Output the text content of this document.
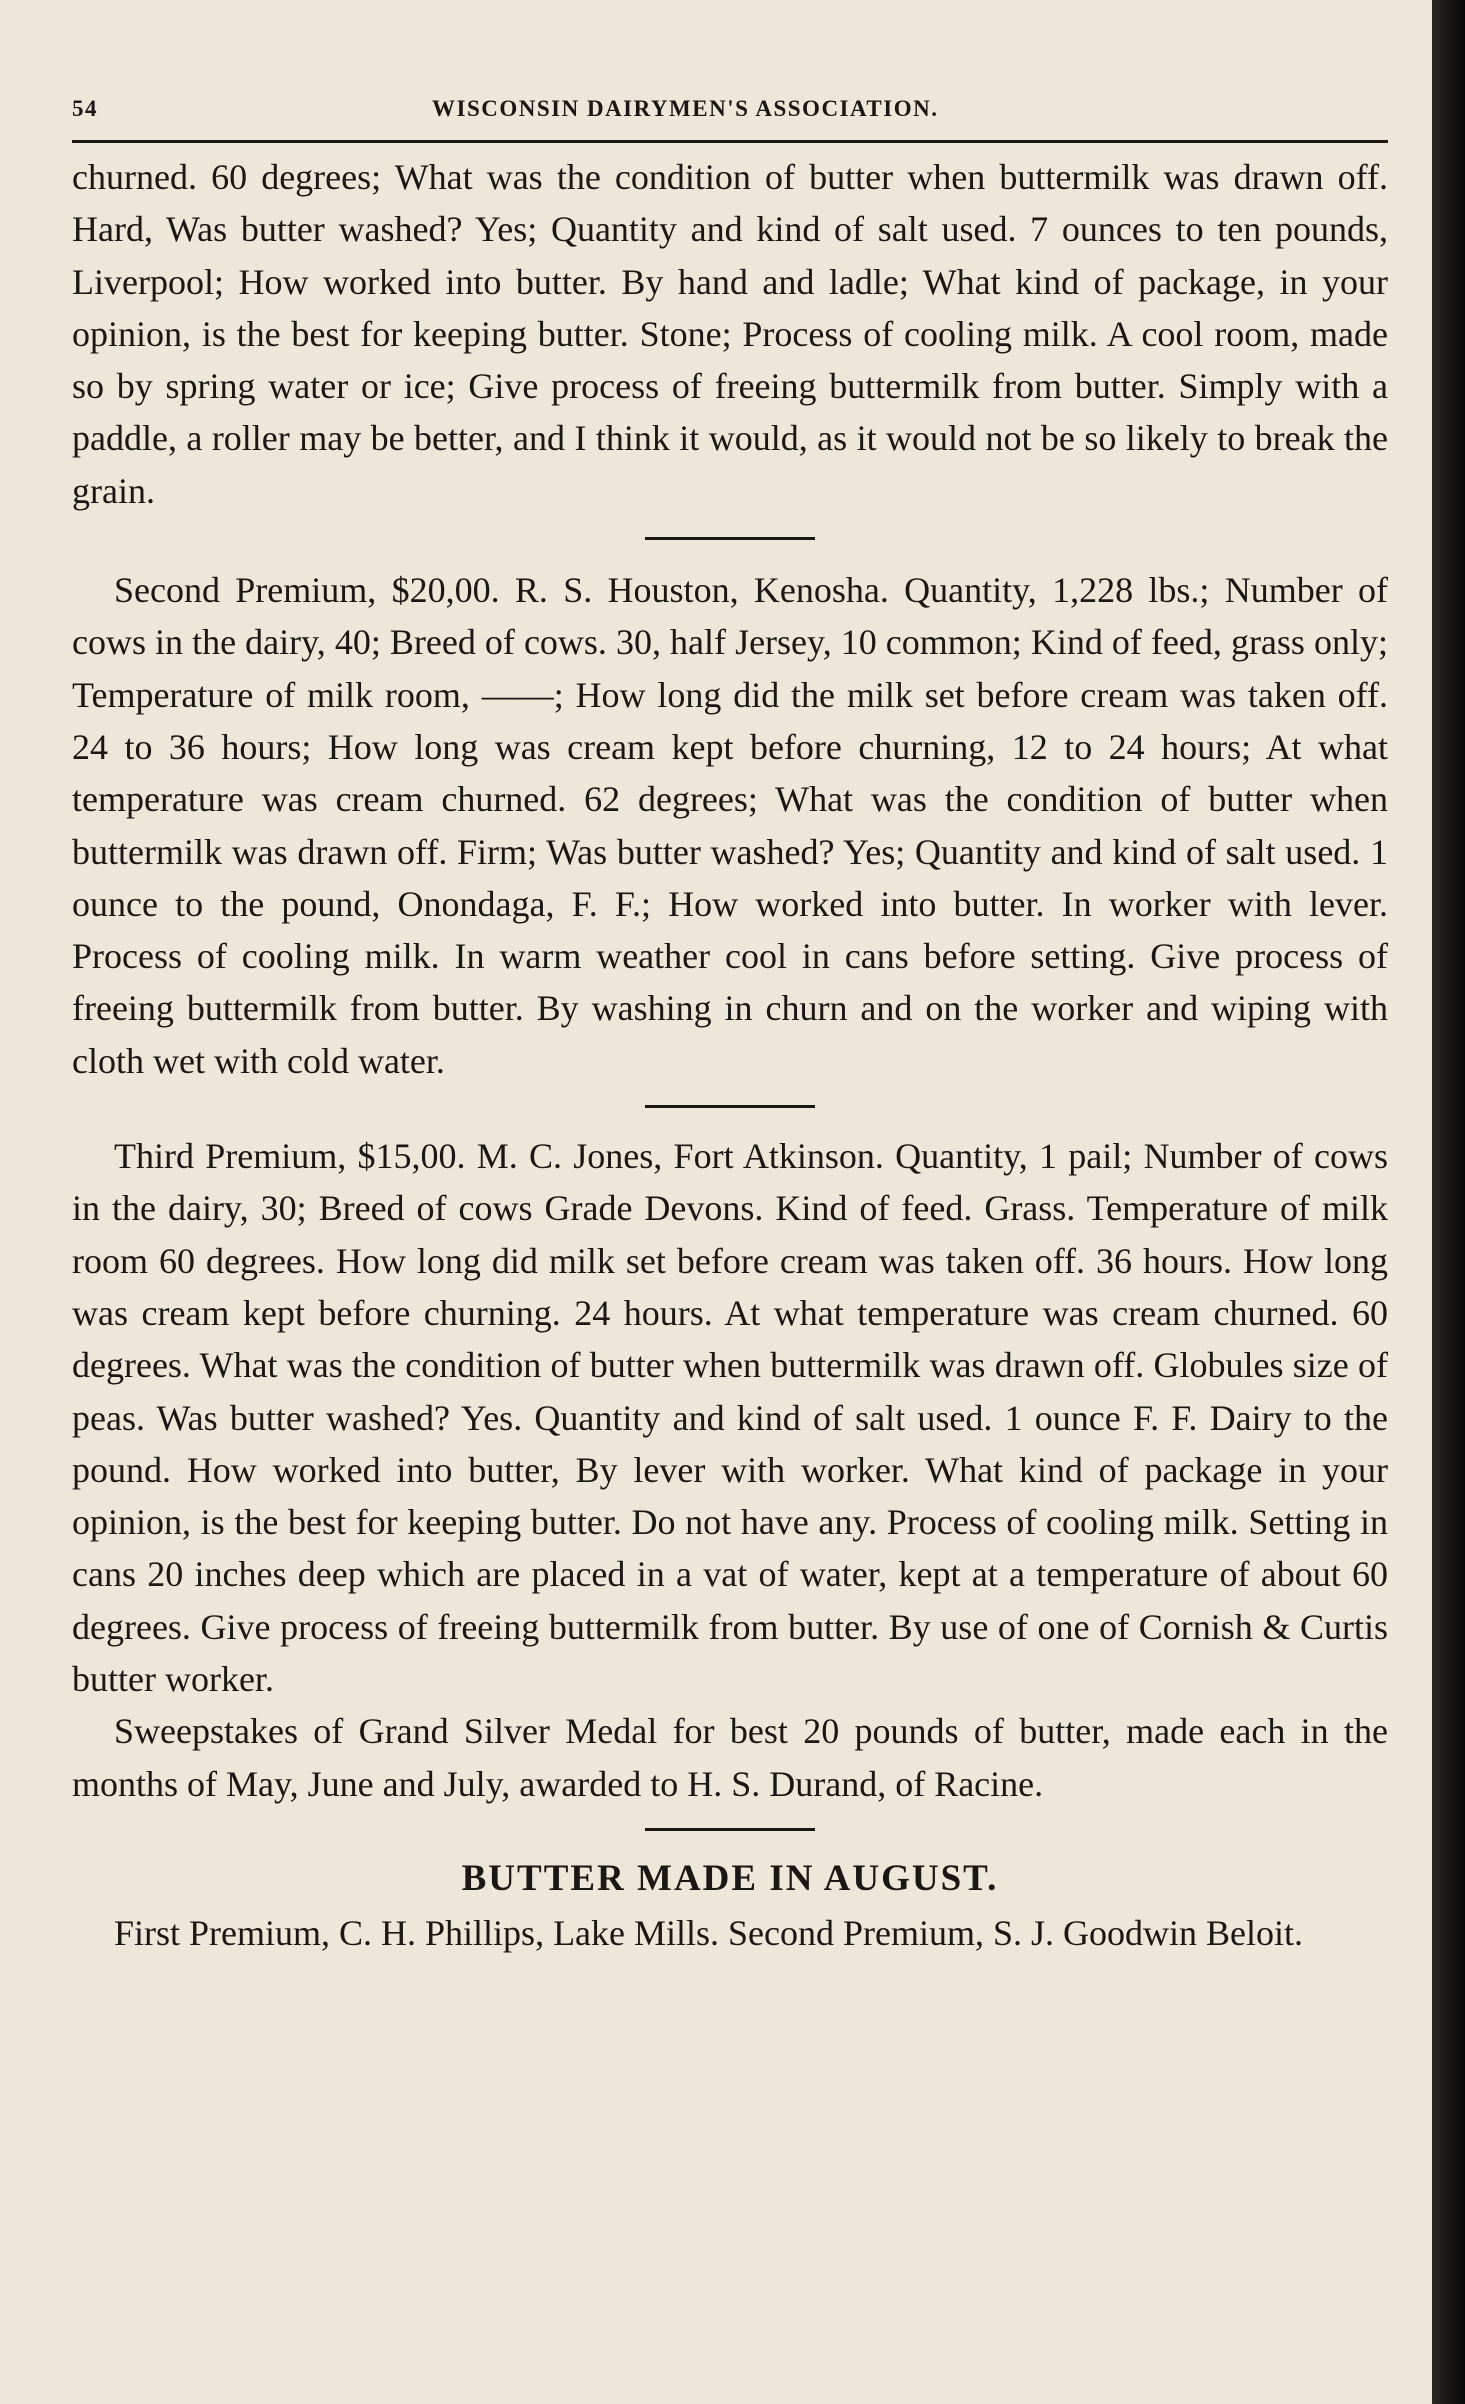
54	WISCONSIN DAIRYMEN'S ASSOCIATION.

churned. 60 degrees; What was the condition of butter when buttermilk was drawn off. Hard, Was butter washed? Yes; Quantity and kind of salt used. 7 ounces to ten pounds, Liverpool; How worked into butter. By hand and ladle; What kind of package, in your opinion, is the best for keeping butter. Stone; Process of cooling milk. A cool room, made so by spring water or ice; Give process of freeing buttermilk from butter. Simply with a paddle, a roller may be better, and I think it would, as it would not be so likely to break the grain.

Second Premium, $20,00. R. S. Houston, Kenosha. Quantity, 1,228 lbs.; Number of cows in the dairy, 40; Breed of cows. 30, half Jersey, 10 common; Kind of feed, grass only; Temperature of milk room, ——; How long did the milk set before cream was taken off. 24 to 36 hours; How long was cream kept before churning, 12 to 24 hours; At what temperature was cream churned. 62 degrees; What was the condition of butter when buttermilk was drawn off. Firm; Was butter washed? Yes; Quantity and kind of salt used. 1 ounce to the pound, Onondaga, F. F.; How worked into butter. In worker with lever. Process of cooling milk. In warm weather cool in cans before setting. Give process of freeing buttermilk from butter. By washing in churn and on the worker and wiping with cloth wet with cold water.

Third Premium, $15,00. M. C. Jones, Fort Atkinson. Quantity, 1 pail; Number of cows in the dairy, 30; Breed of cows Grade Devons. Kind of feed. Grass. Temperature of milk room 60 degrees. How long did milk set before cream was taken off. 36 hours. How long was cream kept before churning. 24 hours. At what temperature was cream churned. 60 degrees. What was the condition of butter when buttermilk was drawn off. Globules size of peas. Was butter washed? Yes. Quantity and kind of salt used. 1 ounce F. F. Dairy to the pound. How worked into butter, By lever with worker. What kind of package in your opinion, is the best for keeping butter. Do not have any. Process of cooling milk. Setting in cans 20 inches deep which are placed in a vat of water, kept at a temperature of about 60 degrees. Give process of freeing buttermilk from butter. By use of one of Cornish & Curtis butter worker.

Sweepstakes of Grand Silver Medal for best 20 pounds of butter, made each in the months of May, June and July, awarded to H. S. Durand, of Racine.

BUTTER MADE IN AUGUST.

First Premium, C. H. Phillips, Lake Mills. Second Premium, S. J. Goodwin Beloit.
